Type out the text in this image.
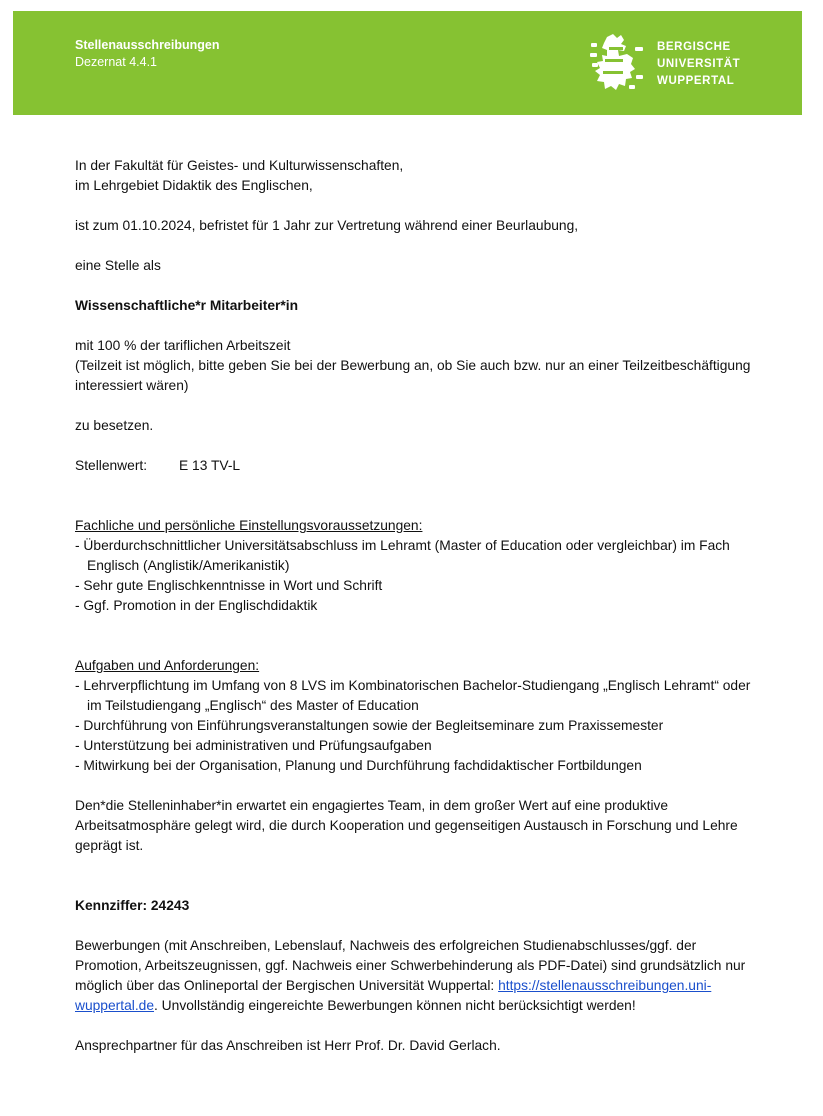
Stellenausschreibungen
Dezernat 4.4.1
BERGISCHE
UNIVERSITÄT
WUPPERTAL

In der Fakultät für Geistes- und Kulturwissenschaften,

im Lehrgebiet Didaktik des Englischen,

ist zum 01.10.2024, befristet für 1 Jahr zur Vertretung während einer Beurlaubung,

eine Stelle als

Wissenschaftliche*r Mitarbeiter*in

mit 100 % der tariflichen Arbeitszeit

(Teilzeit ist möglich, bitte geben Sie bei der Bewerbung an, ob Sie auch bzw. nur an einer Teilzeitbeschäftigung interessiert wären)

zu besetzen.

Stellenwert: E 13 TV-L

Fachliche und persönliche Einstellungsvoraussetzungen:

- Überdurchschnittlicher Universitätsabschluss im Lehramt (Master of Education oder vergleichbar) im Fach Englisch (Anglistik/Amerikanistik)

- Sehr gute Englischkenntnisse in Wort und Schrift

- Ggf. Promotion in der Englischdidaktik

Aufgaben und Anforderungen:

- Lehrverpflichtung im Umfang von 8 LVS im Kombinatorischen Bachelor-Studiengang „Englisch Lehramt“ oder im Teilstudiengang „Englisch“ des Master of Education

- Durchführung von Einführungsveranstaltungen sowie der Begleitseminare zum Praxissemester

- Unterstützung bei administrativen und Prüfungsaufgaben

- Mitwirkung bei der Organisation, Planung und Durchführung fachdidaktischer Fortbildungen

Den*die Stelleninhaber*in erwartet ein engagiertes Team, in dem großer Wert auf eine produktive Arbeitsatmosphäre gelegt wird, die durch Kooperation und gegenseitigen Austausch in Forschung und Lehre geprägt ist.

Kennziffer: 24243

Bewerbungen (mit Anschreiben, Lebenslauf, Nachweis des erfolgreichen Studienabschlusses/ggf. der Promotion, Arbeitszeugnissen, ggf. Nachweis einer Schwerbehinderung als PDF-Datei) sind grundsätzlich nur möglich über das Onlineportal der Bergischen Universität Wuppertal: https://stellenausschreibungen.uni-wuppertal.de. Unvollständig eingereichte Bewerbungen können nicht berücksichtigt werden!

Ansprechpartner für das Anschreiben ist Herr Prof. Dr. David Gerlach.
